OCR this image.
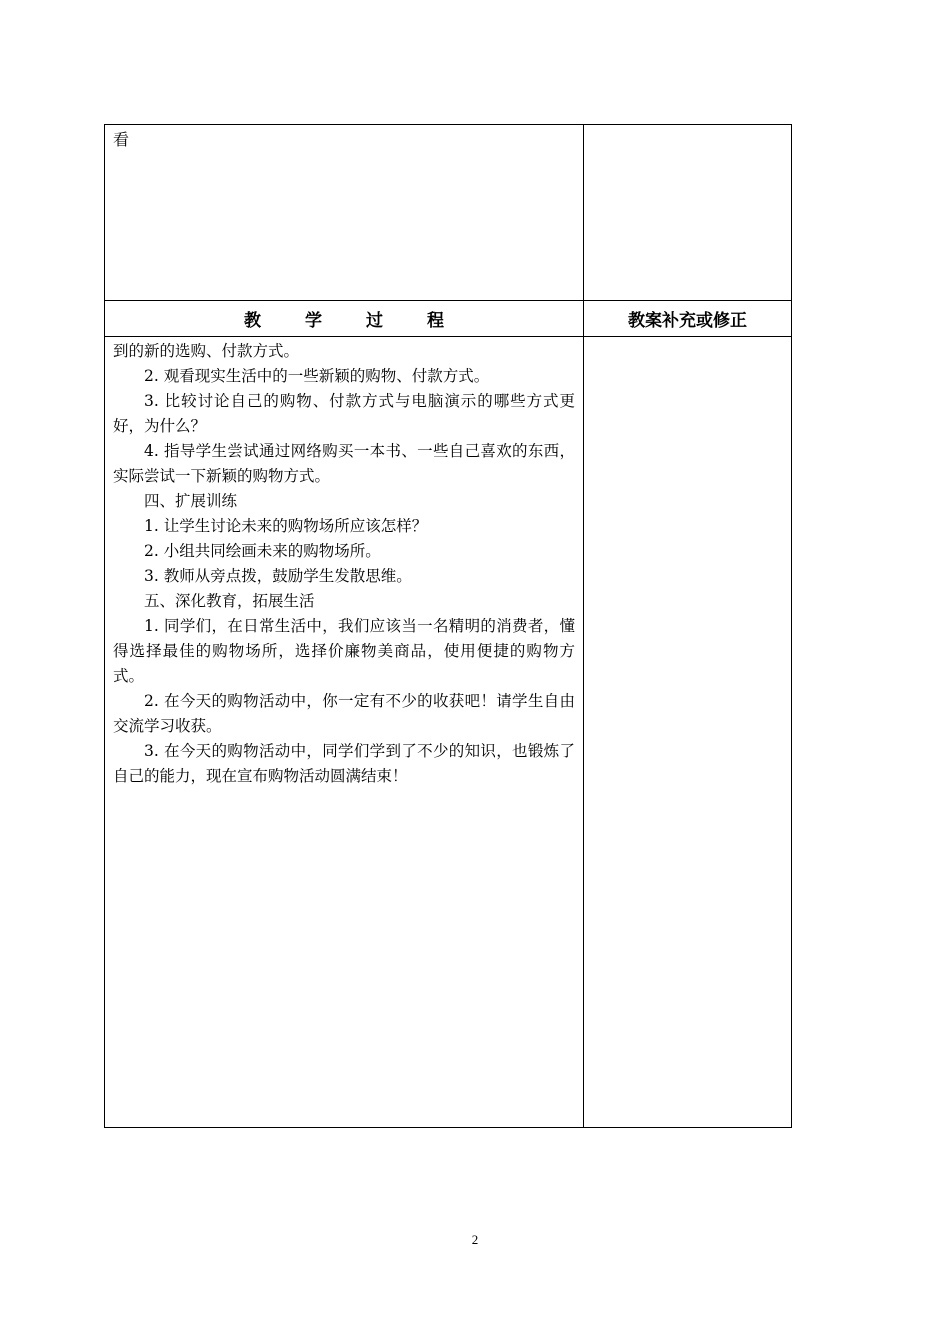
看
教学过程	教案补充或修正

到的新的选购、付款方式。

2. 观看现实生活中的一些新颖的购物、付款方式。

3. 比较讨论自己的购物、付款方式与电脑演示的哪些方式更好，为什么？

4. 指导学生尝试通过网络购买一本书、一些自己喜欢的东西，实际尝试一下新颖的购物方式。

四、扩展训练

1. 让学生讨论未来的购物场所应该怎样？

2. 小组共同绘画未来的购物场所。

3. 教师从旁点拨，鼓励学生发散思维。

五、深化教育，拓展生活

1. 同学们，在日常生活中，我们应该当一名精明的消费者，懂得选择最佳的购物场所，选择价廉物美商品，使用便捷的购物方式。

2. 在今天的购物活动中，你一定有不少的收获吧！请学生自由交流学习收获。

3. 在今天的购物活动中，同学们学到了不少的知识，也锻炼了自己的能力，现在宣布购物活动圆满结束！

2
